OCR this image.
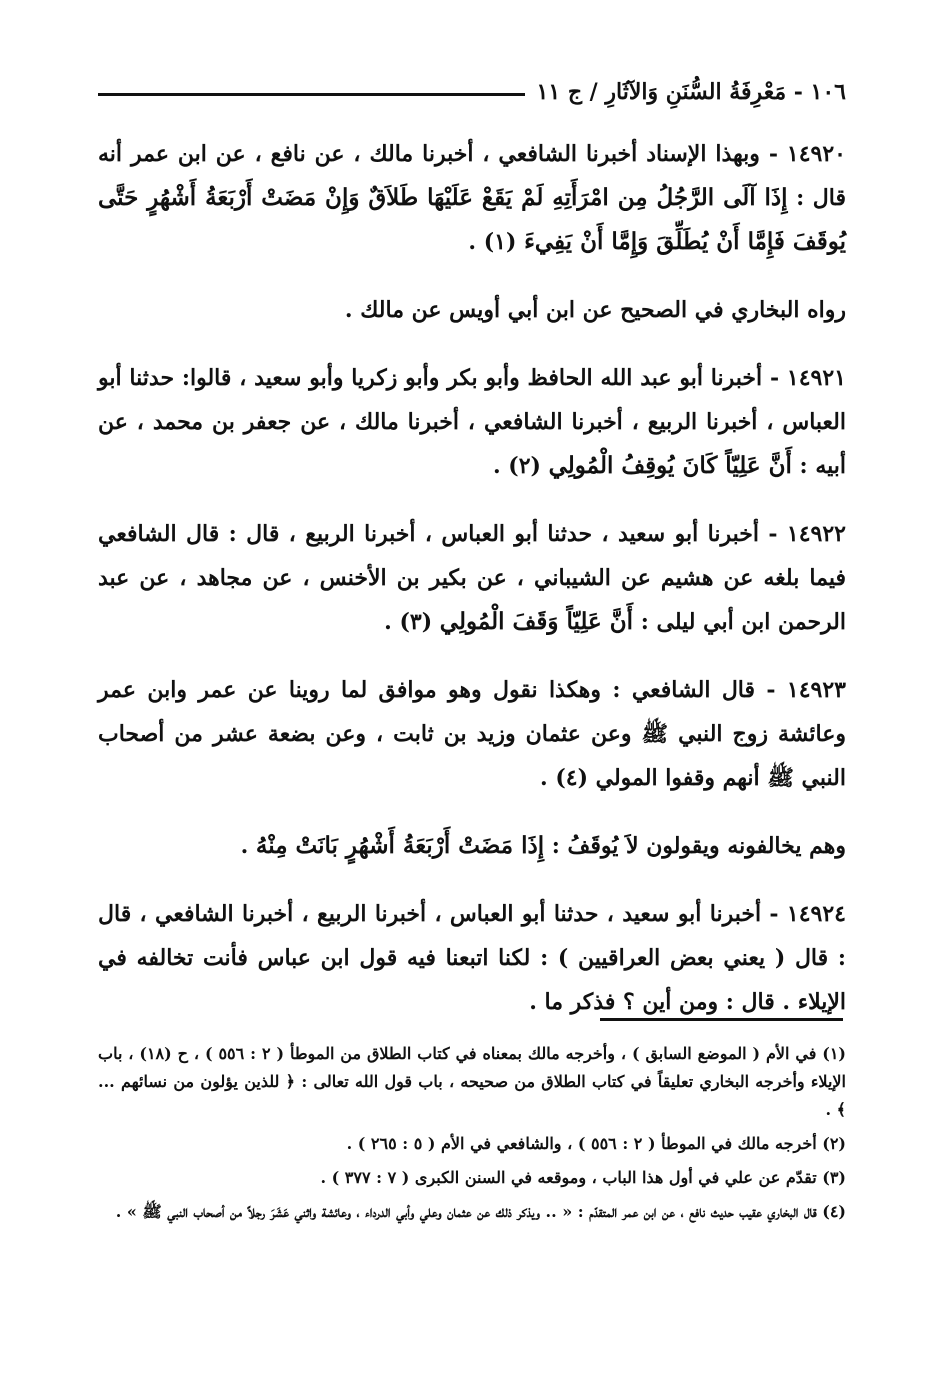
١٠٦ - مَعْرِفَةُ السُّنَنِ وَالآثَارِ / ج ١١

١٤٩٢٠ - وبهذا الإسناد أخبرنا الشافعي ، أخبرنا مالك ، عن نافع ، عن ابن عمر أنه قال : إِذَا آلَى الرَّجُلُ مِن امْرَأَتِهِ لَمْ يَقَعْ عَلَيْهَا طَلاَقٌ وَإِنْ مَضَتْ أَرْبَعَةُ أَشْهُرٍ حَتَّى يُوقَفَ فَإِمَّا أَنْ يُطَلِّقَ وَإِمَّا أَنْ يَفِيءَ (١) .

رواه البخاري في الصحيح عن ابن أبي أويس عن مالك .

١٤٩٢١ - أخبرنا أبو عبد الله الحافظ وأبو بكر وأبو زكريا وأبو سعيد ، قالوا: حدثنا أبو العباس ، أخبرنا الربيع ، أخبرنا الشافعي ، أخبرنا مالك ، عن جعفر بن محمد ، عن أبيه : أَنَّ عَلِيّاً كَانَ يُوقِفُ الْمُولِي (٢) .

١٤٩٢٢ - أخبرنا أبو سعيد ، حدثنا أبو العباس ، أخبرنا الربيع ، قال : قال الشافعي فيما بلغه عن هشيم عن الشيباني ، عن بكير بن الأخنس ، عن مجاهد ، عن عبد الرحمن ابن أبي ليلى : أَنَّ عَلِيّاً وَقَفَ الْمُولِي (٣) .

١٤٩٢٣ - قال الشافعي : وهكذا نقول وهو موافق لما روينا عن عمر وابن عمر وعائشة زوج النبي ﷺ وعن عثمان وزيد بن ثابت ، وعن بضعة عشر من أصحاب النبي ﷺ أنهم وقفوا المولي (٤) .

وهم يخالفونه ويقولون لاَ يُوقَفُ : إِذَا مَضَتْ أَرْبَعَةُ أَشْهُرٍ بَانَتْ مِنْهُ .

١٤٩٢٤ - أخبرنا أبو سعيد ، حدثنا أبو العباس ، أخبرنا الربيع ، أخبرنا الشافعي ، قال : قال ( يعني بعض العراقيين ) : لكنا اتبعنا فيه قول ابن عباس فأنت تخالفه في الإيلاء . قال : ومن أين ؟ فذكر ما .

(١) في الأم ( الموضع السابق ) ، وأخرجه مالك بمعناه في كتاب الطلاق من الموطأ ( ٢ : ٥٥٦ ) ، ح (١٨) ، باب الإيلاء وأخرجه البخاري تعليقاً في كتاب الطلاق من صحيحه ، باب قول الله تعالى : ﴿ للذين يؤلون من نسائهم ... ﴾ .

(٢) أخرجه مالك في الموطأ ( ٢ : ٥٥٦ ) ، والشافعي في الأم ( ٥ : ٢٦٥ ) .

(٣) تقدّم عن علي في أول هذا الباب ، وموقعه في السنن الكبرى ( ٧ : ٣٧٧ ) .

(٤) قال البخاري عقيب حديث نافع ، عن ابن عمر المتقدّم : « .. ويذكر ذلك عن عثمان وعلي وأبي الدرداء ، وعائشة واثني عَشَرَ رجلاً من أصحاب النبي ﷺ » .
